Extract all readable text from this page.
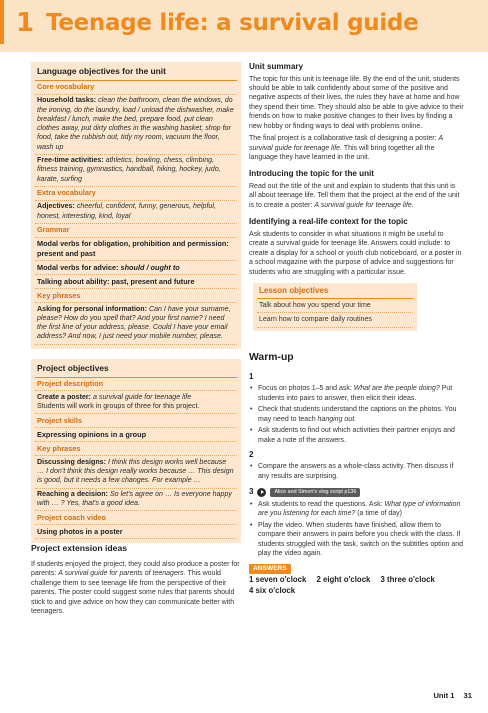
1 Teenage life: a survival guide
Language objectives for the unit
Core vocabulary
Household tasks: clean the bathroom, clean the windows, do the ironing, do the laundry, load / unload the dishwasher, make breakfast / lunch, make the bed, prepare food, put clean clothes away, put dirty clothes in the washing basket, shop for food, take the rubbish out, tidy my room, vacuum the floor, wash up
Free-time activities: athletics, bowling, chess, climbing, fitness training, gymnastics, handball, hiking, hockey, judo, karate, surfing
Extra vocabulary
Adjectives: cheerful, confident, funny, generous, helpful, honest, interesting, kind, loyal
Grammar
Modal verbs for obligation, prohibition and permission: present and past
Modal verbs for advice: should / ought to
Talking about ability: past, present and future
Key phrases
Asking for personal information: Can I have your surname, please? How do you spell that? And your first name? I need the first line of your address, please. Could I have your email address? And now, I just need your mobile number, please.
Project objectives
Project description
Create a poster: a survival guide for teenage life
Students will work in groups of three for this project.
Project skills
Expressing opinions in a group
Key phrases
Discussing designs: I think this design works well because … I don't think this design really works because … This design is good, but it needs a few changes. For example …
Reaching a decision: So let's agree on … Is everyone happy with … ? Yes, that's a good idea.
Project coach video
Using photos in a poster
Project extension ideas
If students enjoyed the project, they could also produce a poster for parents: A survival guide for parents of teenagers. This would challenge them to see teenage life from the perspective of their parents. The poster could suggest some rules that parents should stick to and give advice on how they can communicate better with teenagers.
Unit summary
The topic for this unit is teenage life. By the end of the unit, students should be able to talk confidently about some of the positive and negative aspects of their lives, the rules they have at home and how they spend their time. They should also be able to give advice to their friends on how to make positive changes to their lives by finding a new hobby or finding ways to deal with problems online.
The final project is a collaborative task of designing a poster: A survival guide for teenage life. This will bring together all the language they have learned in the unit.
Introducing the topic for the unit
Read out the title of the unit and explain to students that this unit is all about teenage life. Tell them that the project at the end of the unit is to create a poster: A survival guide for teenage life.
Identifying a real-life context for the topic
Ask students to consider in what situations it might be useful to create a survival guide for teenage life. Answers could include: to create a display for a school or youth club noticeboard, or a poster in a school magazine with the purpose of advice and suggestions for students who are struggling with a particular issue.
Lesson objectives
Talk about how you spend your time
Learn how to compare daily routines
Warm-up
1
• Focus on photos 1–5 and ask: What are the people doing? Put students into pairs to answer, then elicit their ideas.
• Check that students understand the captions on the photos. You may need to teach hanging out.
• Ask students to find out which activities their partner enjoys and make a note of the answers.
2
• Compare the answers as a whole-class activity. Then discuss if any results are surprising.
3	Alice and Simon's vlog script p136
• Ask students to read the questions. Ask: What type of information are you listening for each time? (a time of day)
• Play the video. When students have finished, allow them to compare their answers in pairs before you check with the class. If students struggled with the task, switch on the subtitles option and play the video again.
ANSWERS
1 seven o'clock 2 eight o'clock 3 three o'clock
4 six o'clock
Unit 1 31
